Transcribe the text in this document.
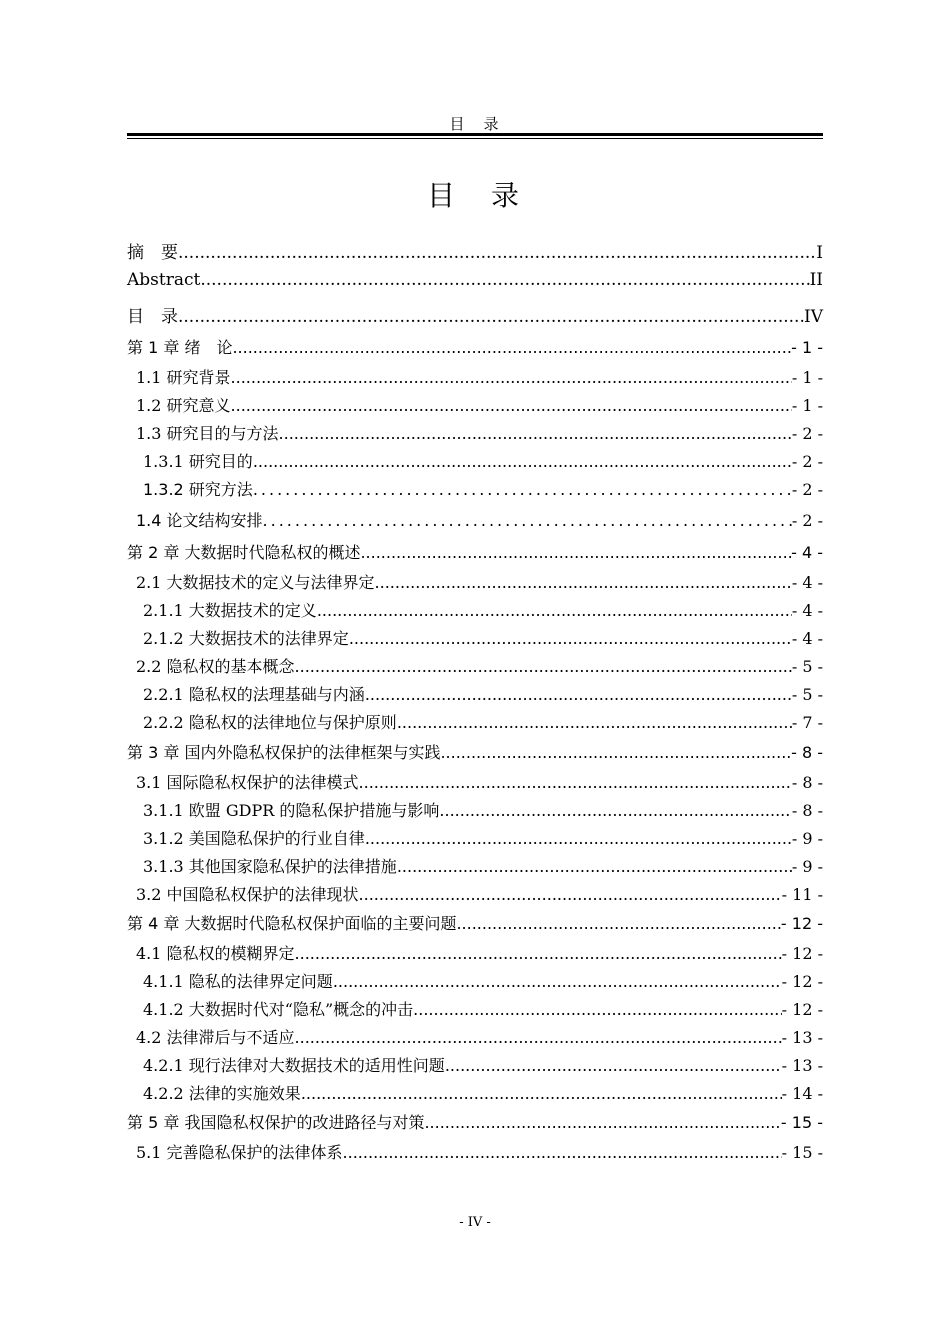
目　录
目　录
摘　要 .....	I
Abstract .....	II
目　录 .....	IV
第 1 章 绪　论 .....	- 1 -
1.1 研究背景 .....	- 1 -
1.2 研究意义 .....	- 1 -
1.3 研究目的与方法 .....	- 2 -
1.3.1 研究目的 .....	- 2 -
1.3.2 研究方法 .....	- 2 -
1.4 论文结构安排 .....	- 2 -
第 2 章 大数据时代隐私权的概述 .....	- 4 -
2.1 大数据技术的定义与法律界定 .....	- 4 -
2.1.1 大数据技术的定义 .....	- 4 -
2.1.2 大数据技术的法律界定 .....	- 4 -
2.2 隐私权的基本概念 .....	- 5 -
2.2.1 隐私权的法理基础与内涵 .....	- 5 -
2.2.2 隐私权的法律地位与保护原则 .....	- 7 -
第 3 章 国内外隐私权保护的法律框架与实践 .....	- 8 -
3.1 国际隐私权保护的法律模式 .....	- 8 -
3.1.1 欧盟 GDPR 的隐私保护措施与影响 .....	- 8 -
3.1.2 美国隐私保护的行业自律 .....	- 9 -
3.1.3 其他国家隐私保护的法律措施 .....	- 9 -
3.2 中国隐私权保护的法律现状 .....	- 11 -
第 4 章 大数据时代隐私权保护面临的主要问题 .....	- 12 -
4.1 隐私权的模糊界定 .....	- 12 -
4.1.1 隐私的法律界定问题 .....	- 12 -
4.1.2 大数据时代对“隐私”概念的冲击 .....	- 12 -
4.2 法律滞后与不适应 .....	- 13 -
4.2.1 现行法律对大数据技术的适用性问题 .....	- 13 -
4.2.2 法律的实施效果 .....	- 14 -
第 5 章 我国隐私权保护的改进路径与对策 .....	- 15 -
5.1 完善隐私保护的法律体系 .....	- 15 -
- IV -
